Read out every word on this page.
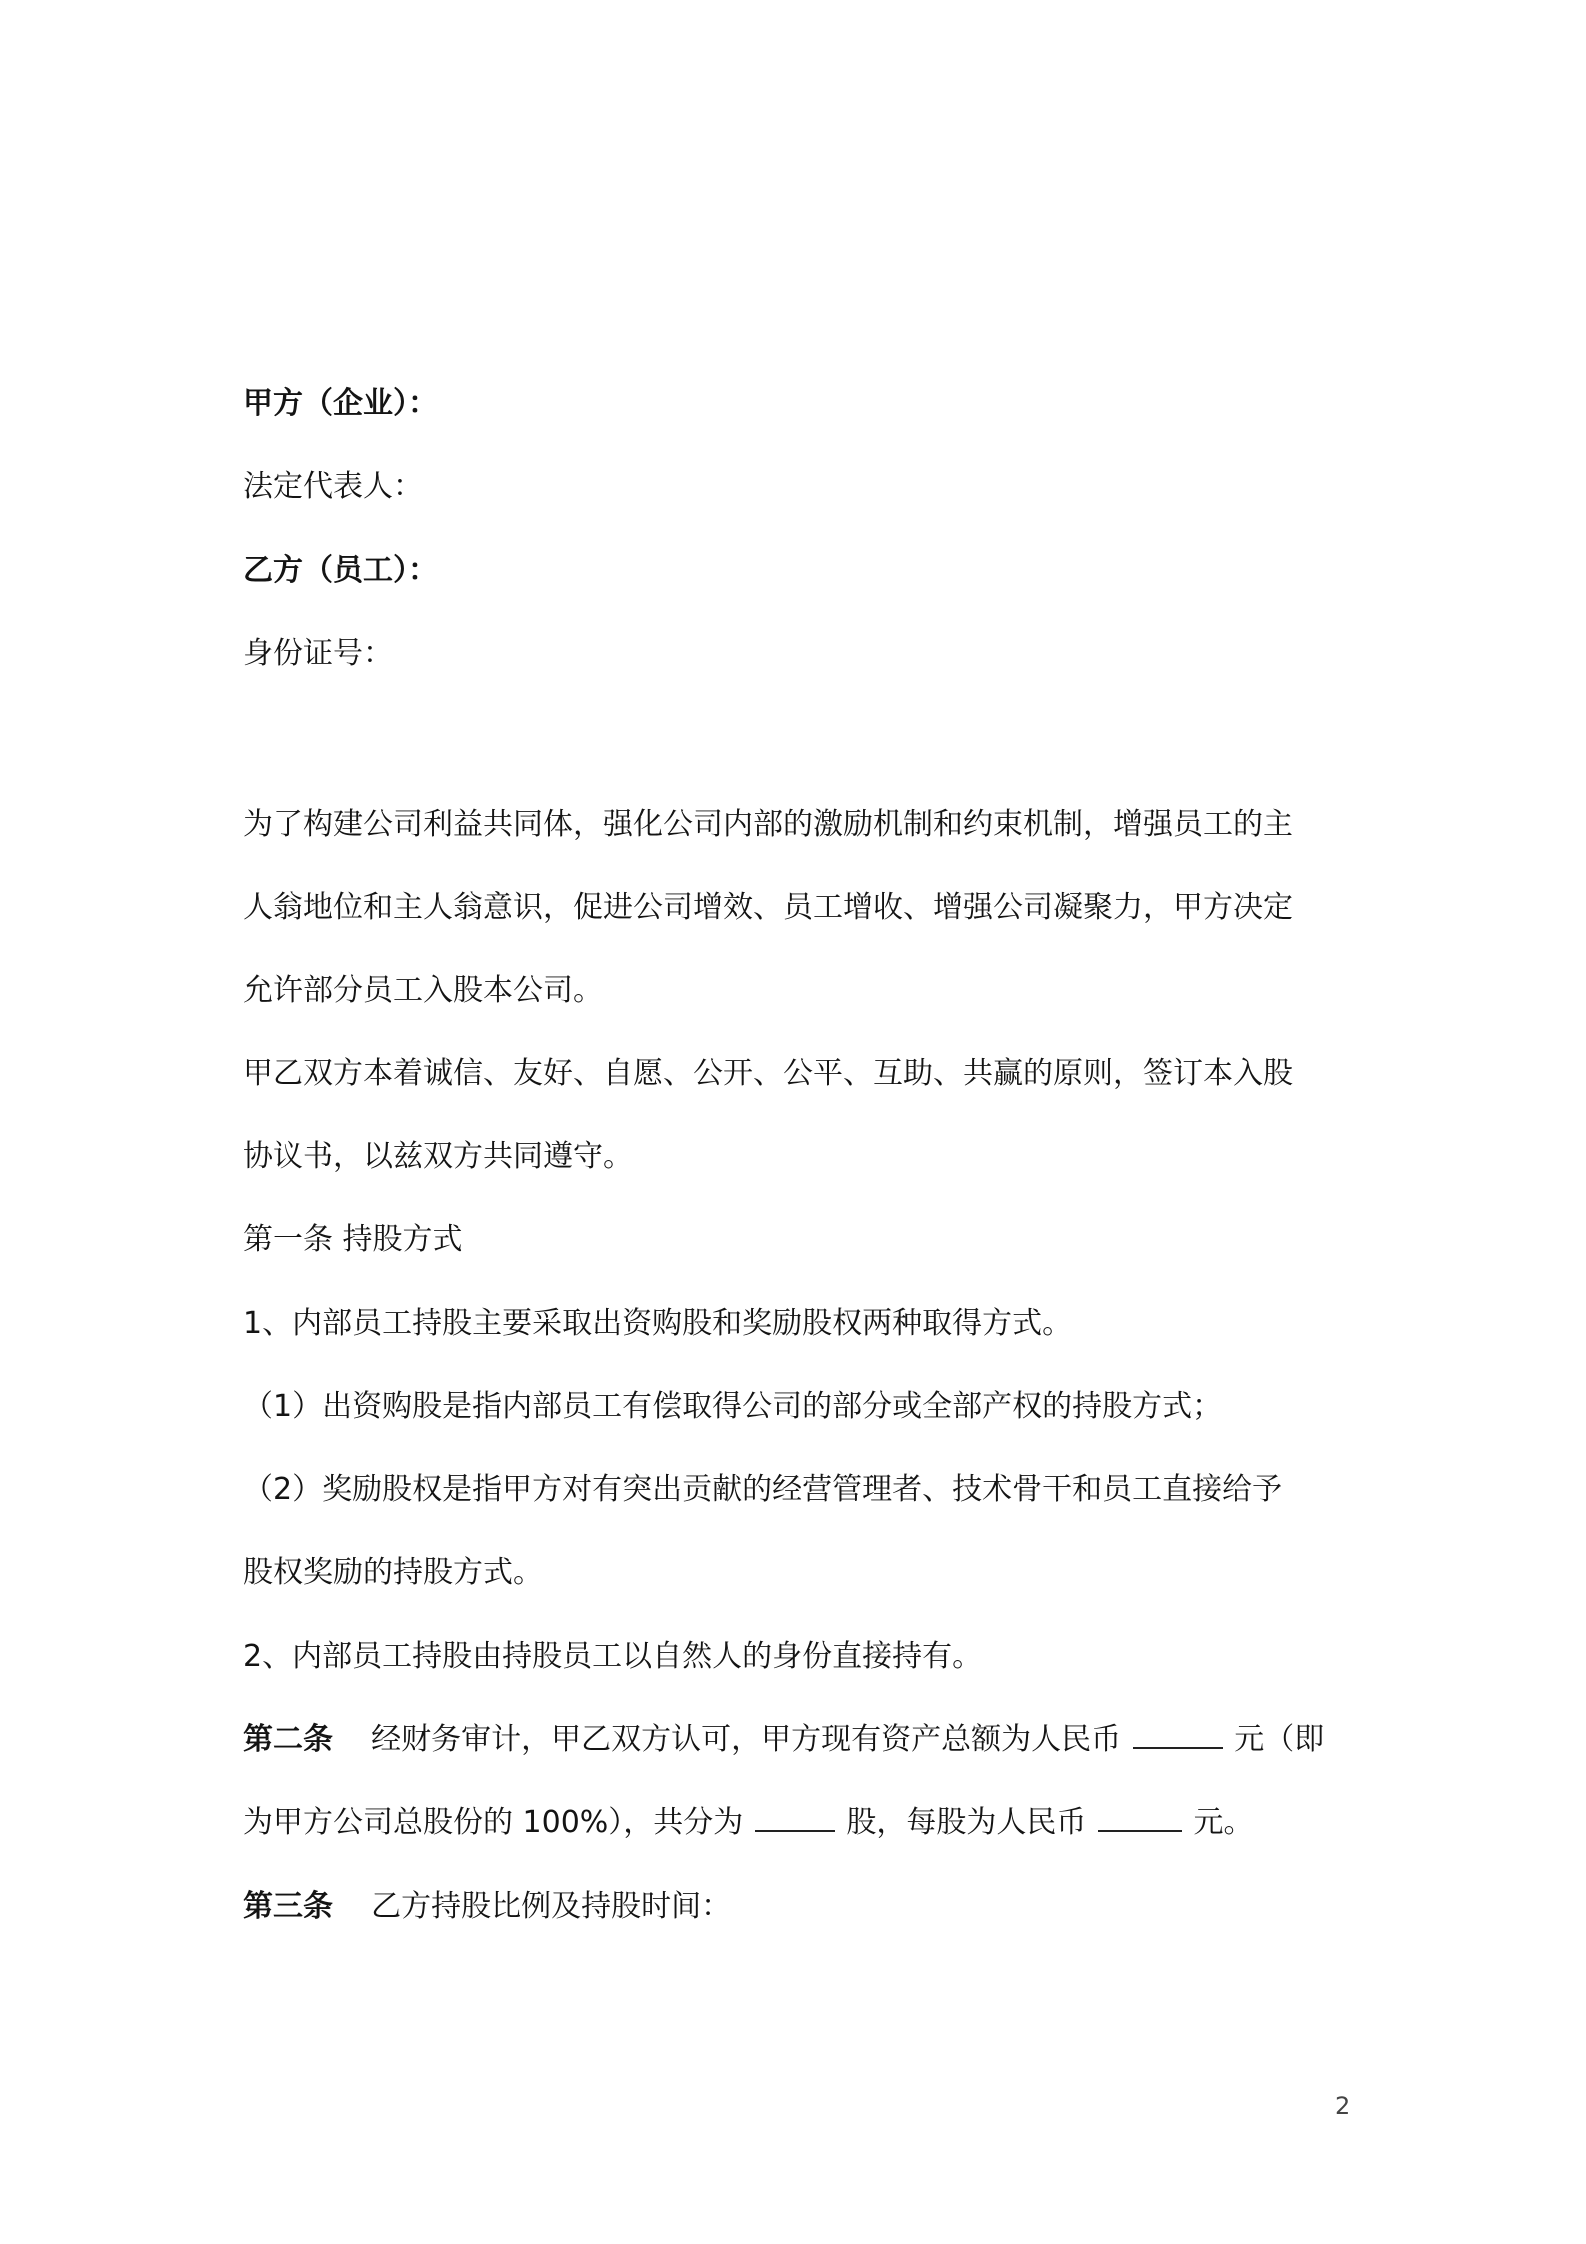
甲方（企业）：
法定代表人：
乙方（员工）：
身份证号：
为了构建公司利益共同体，强化公司内部的激励机制和约束机制，增强员工的主
人翁地位和主人翁意识，促进公司增效、员工增收、增强公司凝聚力，甲方决定
允许部分员工入股本公司。
甲乙双方本着诚信、友好、自愿、公开、公平、互助、共赢的原则，签订本入股
协议书，以兹双方共同遵守。
第一条 持股方式
1、内部员工持股主要采取出资购股和奖励股权两种取得方式。
（1）出资购股是指内部员工有偿取得公司的部分或全部产权的持股方式；
（2）奖励股权是指甲方对有突出贡献的经营管理者、技术骨干和员工直接给予
股权奖励的持股方式。
2、内部员工持股由持股员工以自然人的身份直接持有。
第二条 经财务审计，甲乙双方认可，甲方现有资产总额为人民币	元（即
为甲方公司总股份的 100%），共分为	股，每股为人民币	元。
第三条 乙方持股比例及持股时间：
2
